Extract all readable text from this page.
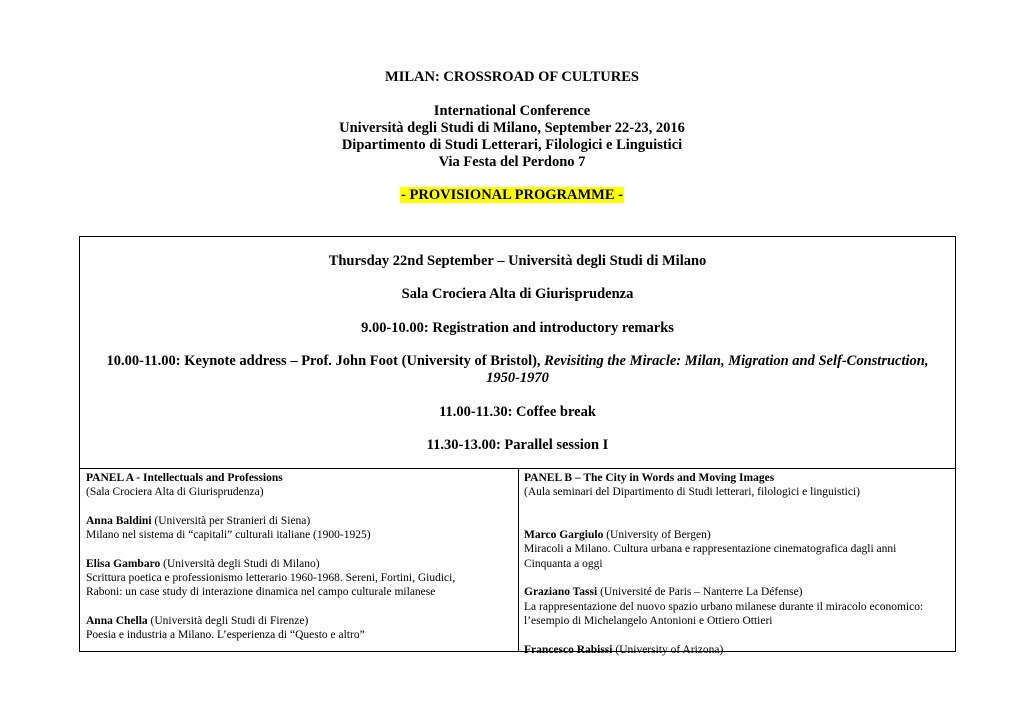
MILAN: CROSSROAD OF CULTURES
International Conference
Università degli Studi di Milano, September 22-23, 2016
Dipartimento di Studi Letterari, Filologici e Linguistici
Via Festa del Perdono 7
- PROVISIONAL PROGRAMME -
Thursday 22nd September – Università degli Studi di Milano
Sala Crociera Alta di Giurisprudenza
9.00-10.00: Registration and introductory remarks
10.00-11.00: Keynote address – Prof. John Foot (University of Bristol), Revisiting the Miracle: Milan, Migration and Self-Construction,
1950-1970
11.00-11.30: Coffee break
11.30-13.00: Parallel session I

PANEL A - Intellectuals and Professions

(Sala Crociera Alta di Giurisprudenza)

Anna Baldini (Università per Stranieri di Siena)

Milano nel sistema di “capitali” culturali italiane (1900-1925)

Elisa Gambaro (Università degli Studi di Milano)

Scrittura poetica e professionismo letterario 1960-1968. Sereni, Fortini, Giudici,

Raboni: un case study di interazione dinamica nel campo culturale milanese

Anna Chella (Università degli Studi di Firenze)

Poesia e industria a Milano. L’esperienza di “Questo e altro”

PANEL B – The City in Words and Moving Images

(Aula seminari del Dipartimento di Studi letterari, filologici e linguistici)

Marco Gargiulo (University of Bergen)

Miracoli a Milano. Cultura urbana e rappresentazione cinematografica dagli anni

Cinquanta a oggi

Graziano Tassi (Université de Paris – Nanterre La Défense)

La rappresentazione del nuovo spazio urbano milanese durante il miracolo economico:

l’esempio di Michelangelo Antonioni e Ottiero Ottieri

Francesco Rabissi (University of Arizona)
